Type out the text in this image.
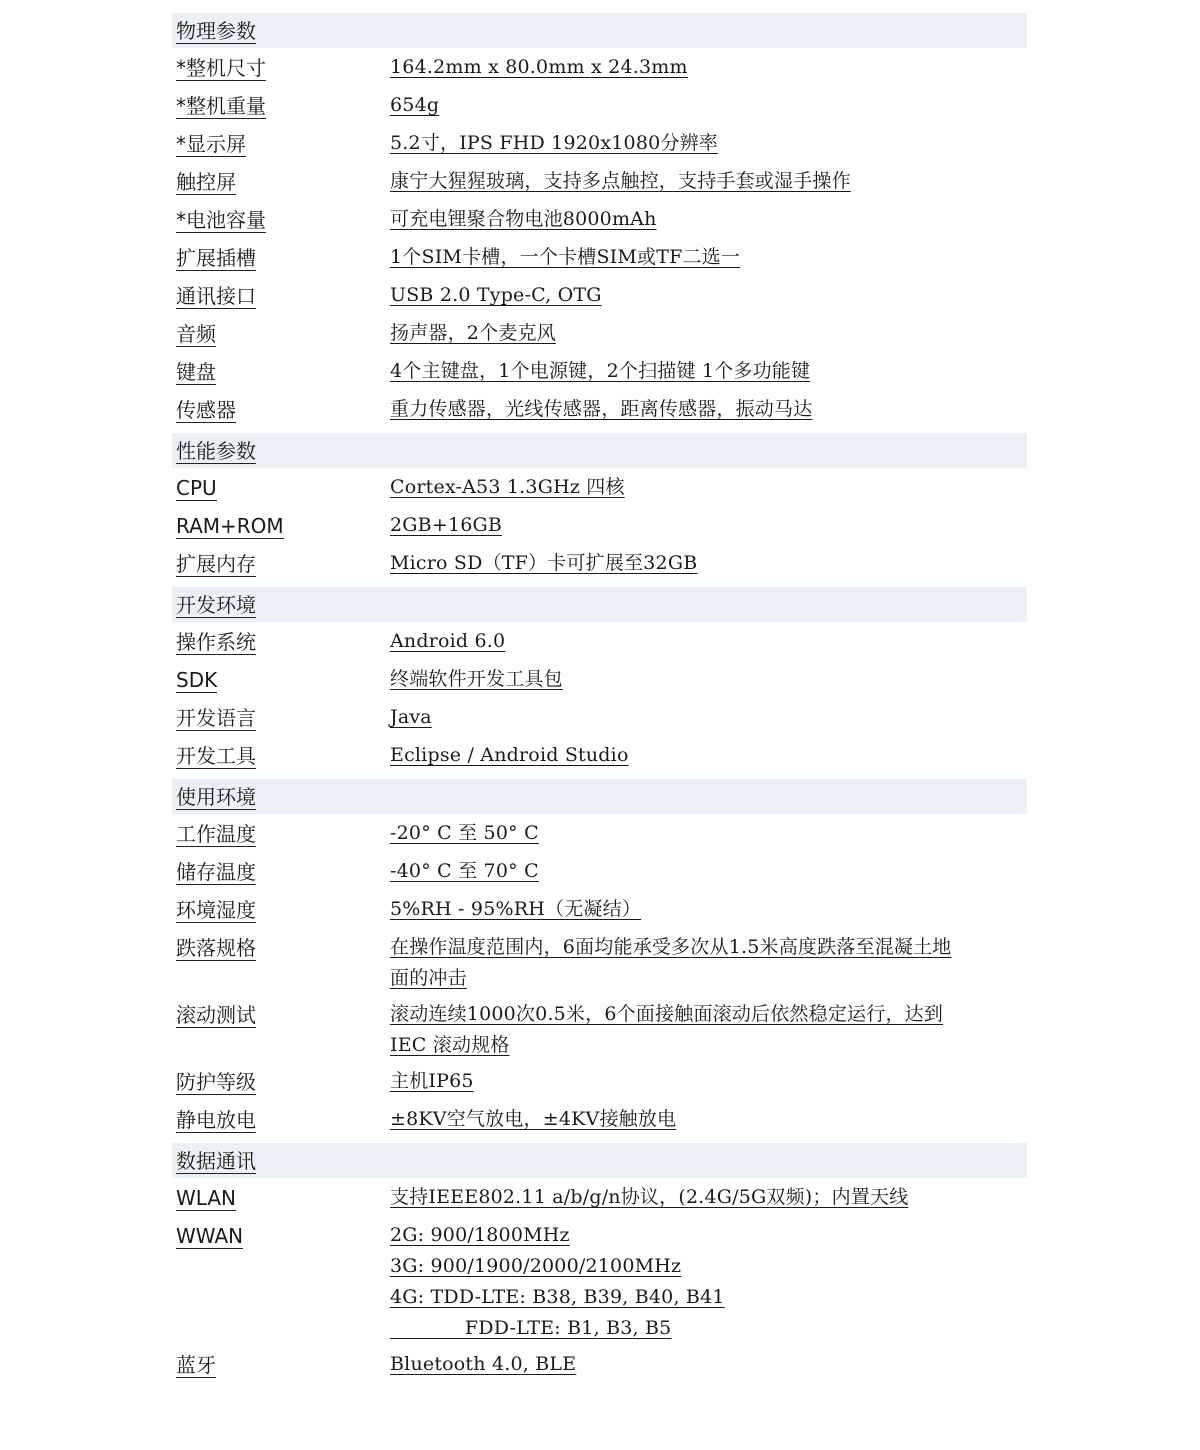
物理参数
*整机尺寸	164.2mm x 80.0mm x 24.3mm
*整机重量	654g
*显示屏	5.2寸，IPS FHD 1920x1080分辨率
触控屏	康宁大猩猩玻璃，支持多点触控，支持手套或湿手操作
*电池容量	可充电锂聚合物电池8000mAh
扩展插槽	1个SIM卡槽，一个卡槽SIM或TF二选一
通讯接口	USB 2.0 Type-C, OTG
音频	扬声器，2个麦克风
键盘	4个主键盘，1个电源键，2个扫描键 1个多功能键
传感器	重力传感器，光线传感器，距离传感器，振动马达
性能参数
CPU	Cortex-A53 1.3GHz 四核
RAM+ROM	2GB+16GB
扩展内存	Micro SD（TF）卡可扩展至32GB
开发环境
操作系统	Android 6.0
SDK	终端软件开发工具包
开发语言	Java
开发工具	Eclipse / Android Studio
使用环境
工作温度	-20° C 至 50° C
储存温度	-40° C 至 70° C
环境湿度	5%RH - 95%RH（无凝结）
跌落规格	在操作温度范围内，6面均能承受多次从1.5米高度跌落至混凝土地
面的冲击
滚动测试	滚动连续1000次0.5米，6个面接触面滚动后依然稳定运行，达到
IEC 滚动规格
防护等级	主机IP65
静电放电	±8KV空气放电，±4KV接触放电
数据通讯
WLAN	支持IEEE802.11 a/b/g/n协议，(2.4G/5G双频)；内置天线
WWAN	2G: 900/1800MHz
3G: 900/1900/2000/2100MHz
4G: TDD-LTE: B38, B39, B40, B41
FDD-LTE: B1, B3, B5
蓝牙	Bluetooth 4.0, BLE
